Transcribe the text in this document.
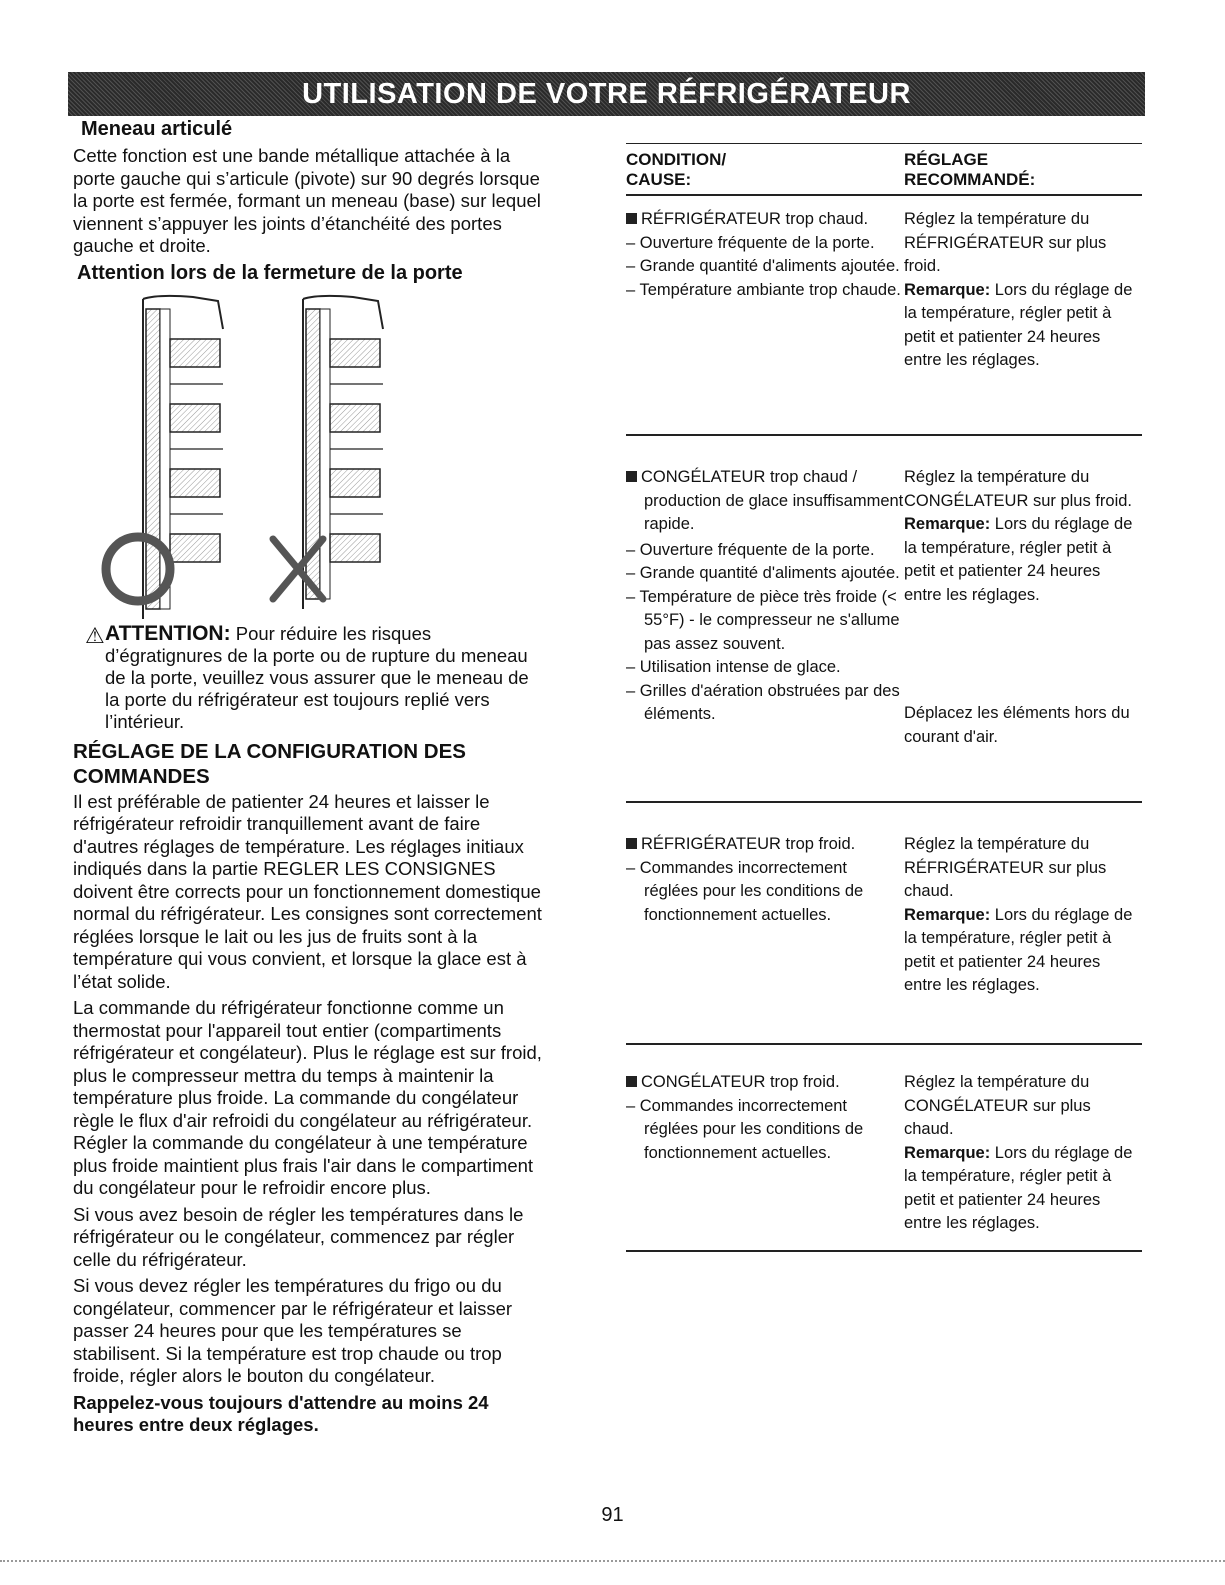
UTILISATION DE VOTRE RÉFRIGÉRATEUR
Meneau articulé

Cette fonction est une bande métallique attachée à la porte gauche qui s’articule (pivote) sur 90 degrés lorsque la porte est fermée, formant un meneau (base) sur lequel viennent s’appuyer les joints d’étanchéité des portes gauche et droite.

Attention lors de la fermeture de la porte
⚠ ATTENTION: Pour réduire les risques
d’égratignures de la porte ou de rupture du meneau de la porte, veuillez vous assurer que le meneau de la porte du réfrigérateur est toujours replié vers l’intérieur.
RÉGLAGE DE LA CONFIGURATION DES COMMANDES

Il est préférable de patienter 24 heures et laisser le réfrigérateur refroidir tranquillement avant de faire d'autres réglages de température. Les réglages initiaux indiqués dans la partie REGLER LES CONSIGNES doivent être corrects pour un fonctionnement domestique normal du réfrigérateur. Les consignes sont correctement réglées lorsque le lait ou les jus de fruits sont à la température qui vous convient, et lorsque la glace est à l’état solide.

La commande du réfrigérateur fonctionne comme un thermostat pour l'appareil tout entier (compartiments réfrigérateur et congélateur). Plus le réglage est sur froid, plus le compresseur mettra du temps à maintenir la température plus froide. La commande du congélateur règle le flux d'air refroidi du congélateur au réfrigérateur. Régler la commande du congélateur à une température plus froide maintient plus frais l'air dans le compartiment du congélateur pour le refroidir encore plus.

Si vous avez besoin de régler les températures dans le réfrigérateur ou le congélateur, commencez par régler celle du réfrigérateur.

Si vous devez régler les températures du frigo ou du congélateur, commencer par le réfrigérateur et laisser passer 24 heures pour que les températures se stabilisent. Si la température est trop chaude ou trop froide, régler alors le bouton du congélateur.

Rappelez-vous toujours d'attendre au moins 24 heures entre deux réglages.
CONDITION/
CAUSE:
RÉGLAGE
RECOMMANDÉ:
RÉFRIGÉRATEUR trop chaud.
– Ouverture fréquente de la porte.
– Grande quantité d'aliments ajoutée.
– Température ambiante trop chaude.
Réglez la température du RÉFRIGÉRATEUR sur plus froid.
Remarque: Lors du réglage de la température, régler petit à petit et patienter 24 heures entre les réglages.
CONGÉLATEUR trop chaud / production de glace insuffisamment rapide.
– Ouverture fréquente de la porte.
– Grande quantité d'aliments ajoutée.
– Température de pièce très froide (< 55°F) - le compresseur ne s'allume pas assez souvent.
– Utilisation intense de glace.
– Grilles d'aération obstruées par des éléments.
Réglez la température du CONGÉLATEUR sur plus froid.
Remarque: Lors du réglage de la température, régler petit à petit et patienter 24 heures entre les réglages.
Déplacez les éléments hors du courant d'air.
RÉFRIGÉRATEUR trop froid.
– Commandes incorrectement réglées pour les conditions de fonctionnement actuelles.
Réglez la température du RÉFRIGÉRATEUR sur plus chaud.
Remarque: Lors du réglage de la température, régler petit à petit et patienter 24 heures entre les réglages.
CONGÉLATEUR trop froid.
– Commandes incorrectement réglées pour les conditions de fonctionnement actuelles.
Réglez la température du CONGÉLATEUR sur plus chaud.
Remarque: Lors du réglage de la température, régler petit à petit et patienter 24 heures entre les réglages.
91
